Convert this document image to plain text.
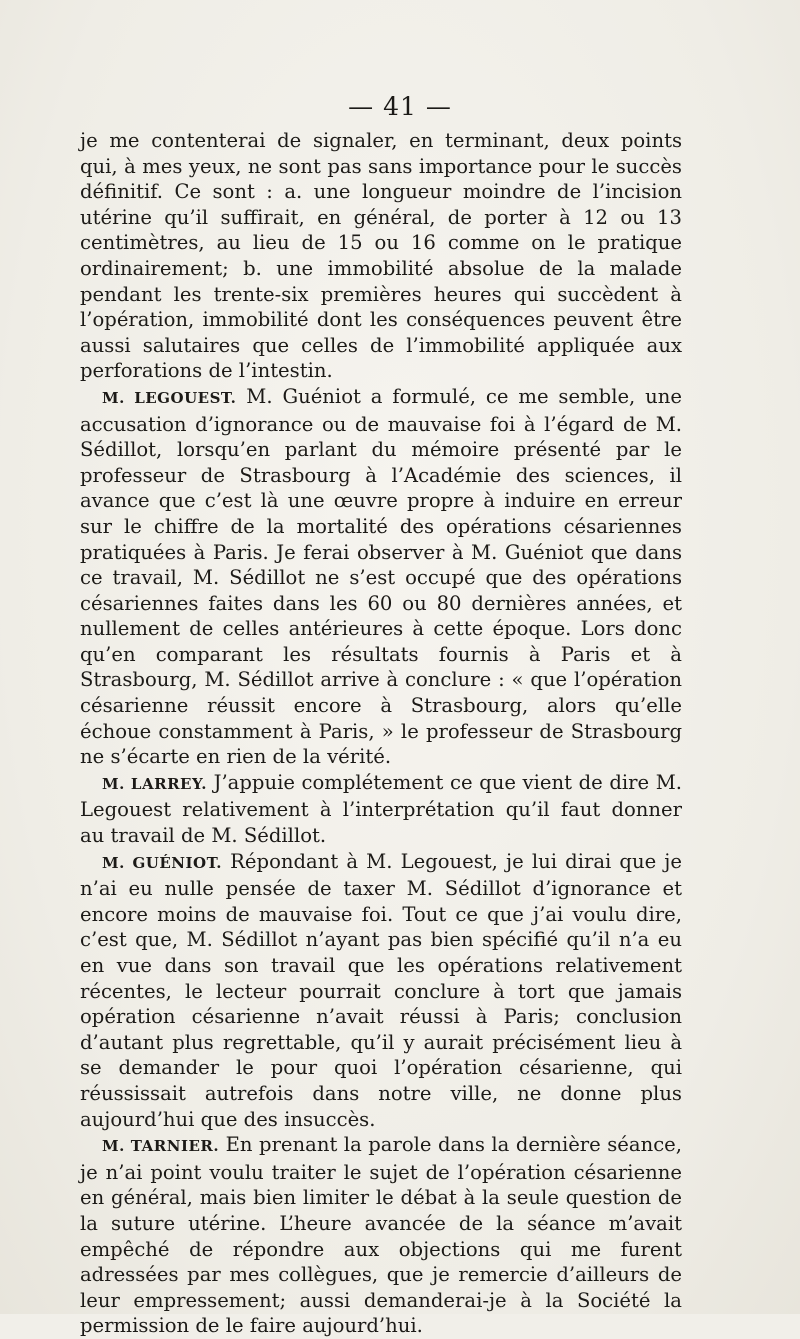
— 41 —

je me contenterai de signaler, en terminant, deux points qui, à mes yeux, ne sont pas sans importance pour le succès définitif. Ce sont : a. une longueur moindre de l’incision utérine qu’il suffirait, en général, de porter à 12 ou 13 centimètres, au lieu de 15 ou 16 comme on le pratique ordinairement; b. une immobilité absolue de la malade pendant les trente-six premières heures qui succèdent à l’opération, immobilité dont les conséquences peuvent être aussi salutaires que celles de l’immobilité appliquée aux perforations de l’intestin.

M. LEGOUEST. M. Guéniot a formulé, ce me semble, une accusation d’ignorance ou de mauvaise foi à l’égard de M. Sédillot, lorsqu’en parlant du mémoire présenté par le professeur de Strasbourg à l’Académie des sciences, il avance que c’est là une œuvre propre à induire en erreur sur le chiffre de la mortalité des opérations césariennes pratiquées à Paris. Je ferai observer à M. Guéniot que dans ce travail, M. Sédillot ne s’est occupé que des opérations césariennes faites dans les 60 ou 80 dernières années, et nullement de celles antérieures à cette époque. Lors donc qu’en comparant les résultats fournis à Paris et à Strasbourg, M. Sédillot arrive à conclure : « que l’opération césarienne réussit encore à Strasbourg, alors qu’elle échoue constamment à Paris, » le professeur de Strasbourg ne s’écarte en rien de la vérité.

M. LARREY. J’appuie complétement ce que vient de dire M. Legouest relativement à l’interprétation qu’il faut donner au travail de M. Sédillot.

M. GUÉNIOT. Répondant à M. Legouest, je lui dirai que je n’ai eu nulle pensée de taxer M. Sédillot d’ignorance et encore moins de mauvaise foi. Tout ce que j’ai voulu dire, c’est que, M. Sédillot n’ayant pas bien spécifié qu’il n’a eu en vue dans son travail que les opérations relativement récentes, le lecteur pourrait conclure à tort que jamais opération césarienne n’avait réussi à Paris; conclusion d’autant plus regrettable, qu’il y aurait précisément lieu à se demander le pour quoi l’opération césarienne, qui réussissait autrefois dans notre ville, ne donne plus aujourd’hui que des insuccès.

M. TARNIER. En prenant la parole dans la dernière séance, je n’ai point voulu traiter le sujet de l’opération césarienne en général, mais bien limiter le débat à la seule question de la suture utérine. L’heure avancée de la séance m’avait empêché de répondre aux objections qui me furent adressées par mes collègues, que je remercie d’ailleurs de leur empressement; aussi demanderai-je à la Société la permission de le faire aujourd’hui.
